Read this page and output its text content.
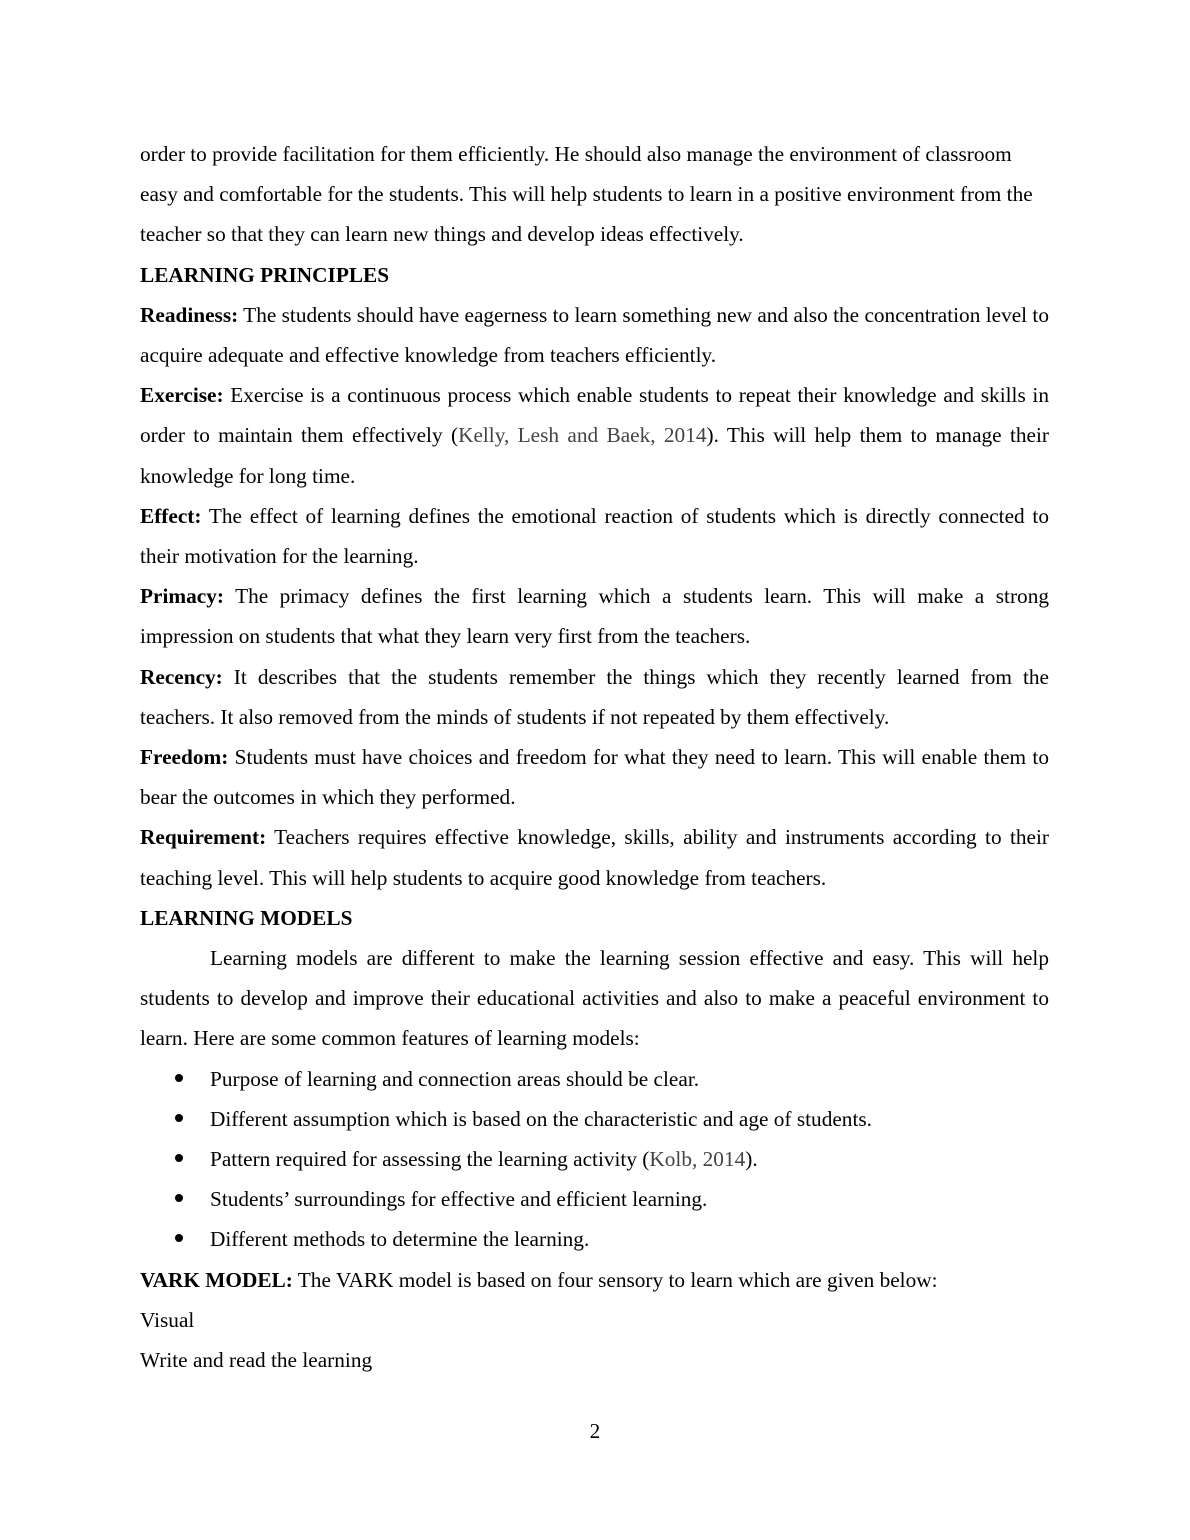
order to provide facilitation for them efficiently. He should also manage the environment of classroom easy and comfortable for the students. This will help students to learn in a positive environment from the teacher so that they can learn new things and develop ideas effectively.

LEARNING PRINCIPLES

Readiness: The students should have eagerness to learn something new and also the concentration level to acquire adequate and effective knowledge from teachers efficiently.

Exercise: Exercise is a continuous process which enable students to repeat their knowledge and skills in order to maintain them effectively (Kelly, Lesh and Baek, 2014). This will help them to manage their knowledge for long time.

Effect: The effect of learning defines the emotional reaction of students which is directly connected to their motivation for the learning.

Primacy: The primacy defines the first learning which a students learn. This will make a strong impression on students that what they learn very first from the teachers.

Recency: It describes that the students remember the things which they recently learned from the teachers. It also removed from the minds of students if not repeated by them effectively.

Freedom: Students must have choices and freedom for what they need to learn. This will enable them to bear the outcomes in which they performed.

Requirement: Teachers requires effective knowledge, skills, ability and instruments according to their teaching level. This will help students to acquire good knowledge from teachers.

LEARNING MODELS

Learning models are different to make the learning session effective and easy. This will help students to develop and improve their educational activities and also to make a peaceful environment to learn. Here are some common features of learning models:

Purpose of learning and connection areas should be clear.
Different assumption which is based on the characteristic and age of students.
Pattern required for assessing the learning activity (Kolb, 2014).
Students’ surroundings for effective and efficient learning.
Different methods to determine the learning.

VARK MODEL: The VARK model is based on four sensory to learn which are given below:

Visual

Write and read the learning

2
